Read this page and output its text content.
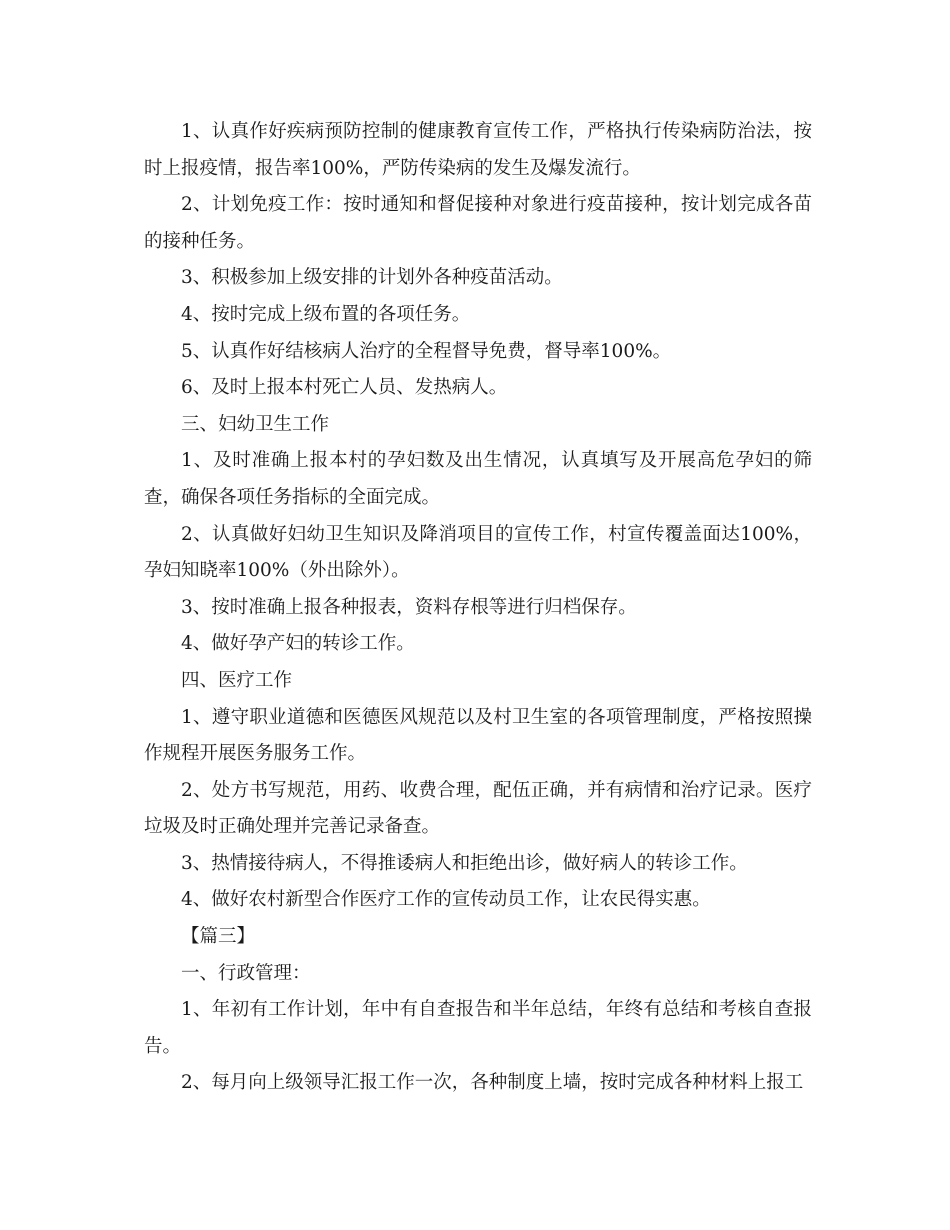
1、认真作好疾病预防控制的健康教育宣传工作，严格执行传染病防治法，按时上报疫情，报告率100%，严防传染病的发生及爆发流行。

2、计划免疫工作：按时通知和督促接种对象进行疫苗接种，按计划完成各苗的接种任务。

3、积极参加上级安排的计划外各种疫苗活动。

4、按时完成上级布置的各项任务。

5、认真作好结核病人治疗的全程督导免费，督导率100%。

6、及时上报本村死亡人员、发热病人。

三、妇幼卫生工作

1、及时准确上报本村的孕妇数及出生情况，认真填写及开展高危孕妇的筛查，确保各项任务指标的全面完成。

2、认真做好妇幼卫生知识及降消项目的宣传工作，村宣传覆盖面达100%，孕妇知晓率100%（外出除外）。

3、按时准确上报各种报表，资料存根等进行归档保存。

4、做好孕产妇的转诊工作。

四、医疗工作

1、遵守职业道德和医德医风规范以及村卫生室的各项管理制度，严格按照操作规程开展医务服务工作。

2、处方书写规范，用药、收费合理，配伍正确，并有病情和治疗记录。医疗垃圾及时正确处理并完善记录备查。

3、热情接待病人，不得推诿病人和拒绝出诊，做好病人的转诊工作。

4、做好农村新型合作医疗工作的宣传动员工作，让农民得实惠。

【篇三】

一、行政管理：

1、年初有工作计划，年中有自查报告和半年总结，年终有总结和考核自查报告。

2、每月向上级领导汇报工作一次，各种制度上墙，按时完成各种材料上报工
